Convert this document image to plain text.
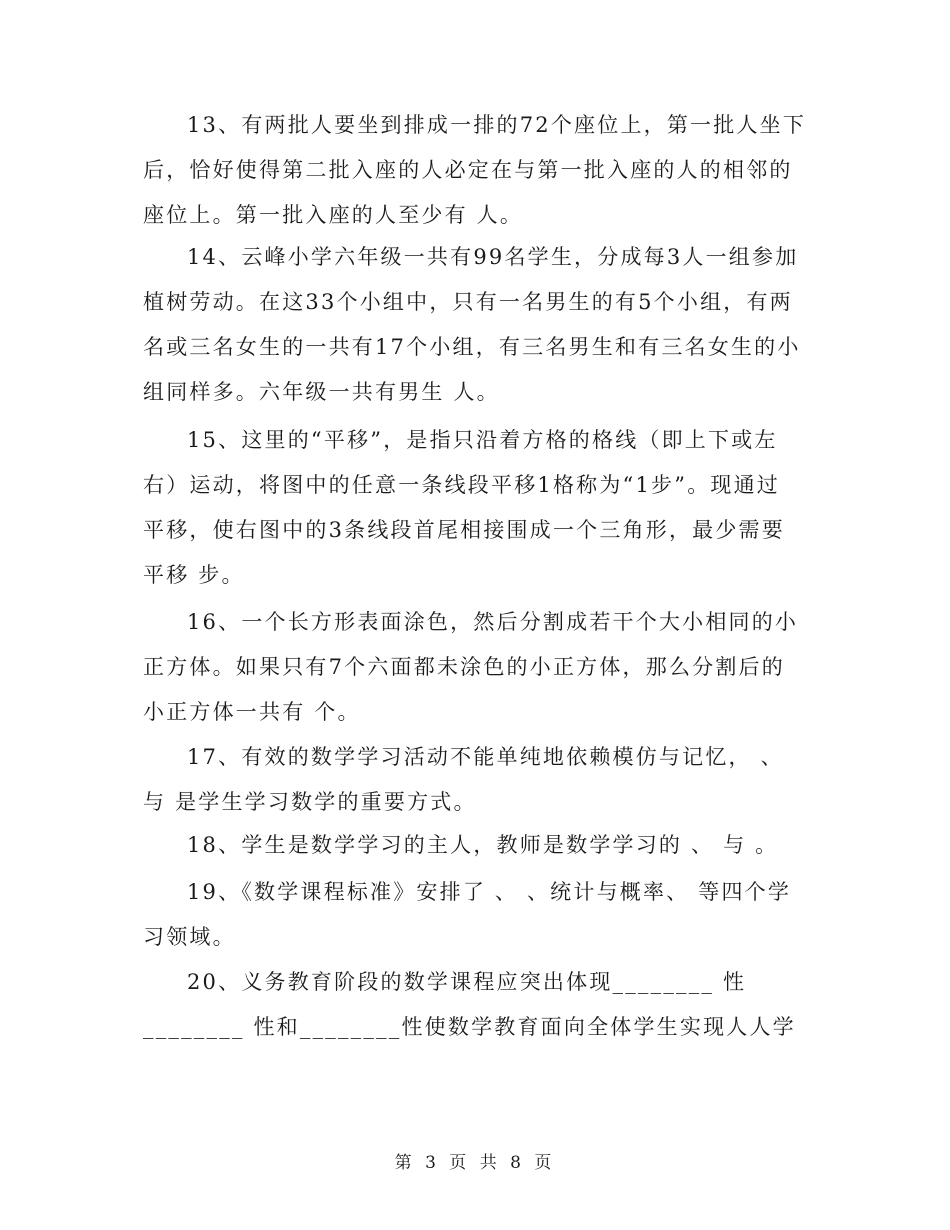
13、有两批人要坐到排成一排的72个座位上，第一批人坐下
后，恰好使得第二批入座的人必定在与第一批入座的人的相邻的
座位上。第一批入座的人至少有 人。
14、云峰小学六年级一共有99名学生，分成每3人一组参加
植树劳动。在这33个小组中，只有一名男生的有5个小组，有两
名或三名女生的一共有17个小组，有三名男生和有三名女生的小
组同样多。六年级一共有男生 人。
15、这里的“平移”，是指只沿着方格的格线（即上下或左
右）运动，将图中的任意一条线段平移1格称为“1步”。现通过
平移，使右图中的3条线段首尾相接围成一个三角形，最少需要
平移 步。
16、一个长方形表面涂色，然后分割成若干个大小相同的小
正方体。如果只有7个六面都未涂色的小正方体，那么分割后的
小正方体一共有 个。
17、有效的数学学习活动不能单纯地依赖模仿与记忆， 、
与 是学生学习数学的重要方式。
18、学生是数学学习的主人，教师是数学学习的 、 与 。
19、《数学课程标准》安排了 、 、统计与概率、 等四个学
习领域。
20、义务教育阶段的数学课程应突出体现________ 性
________ 性和________性使数学教育面向全体学生实现人人学
第 3 页 共 8 页
